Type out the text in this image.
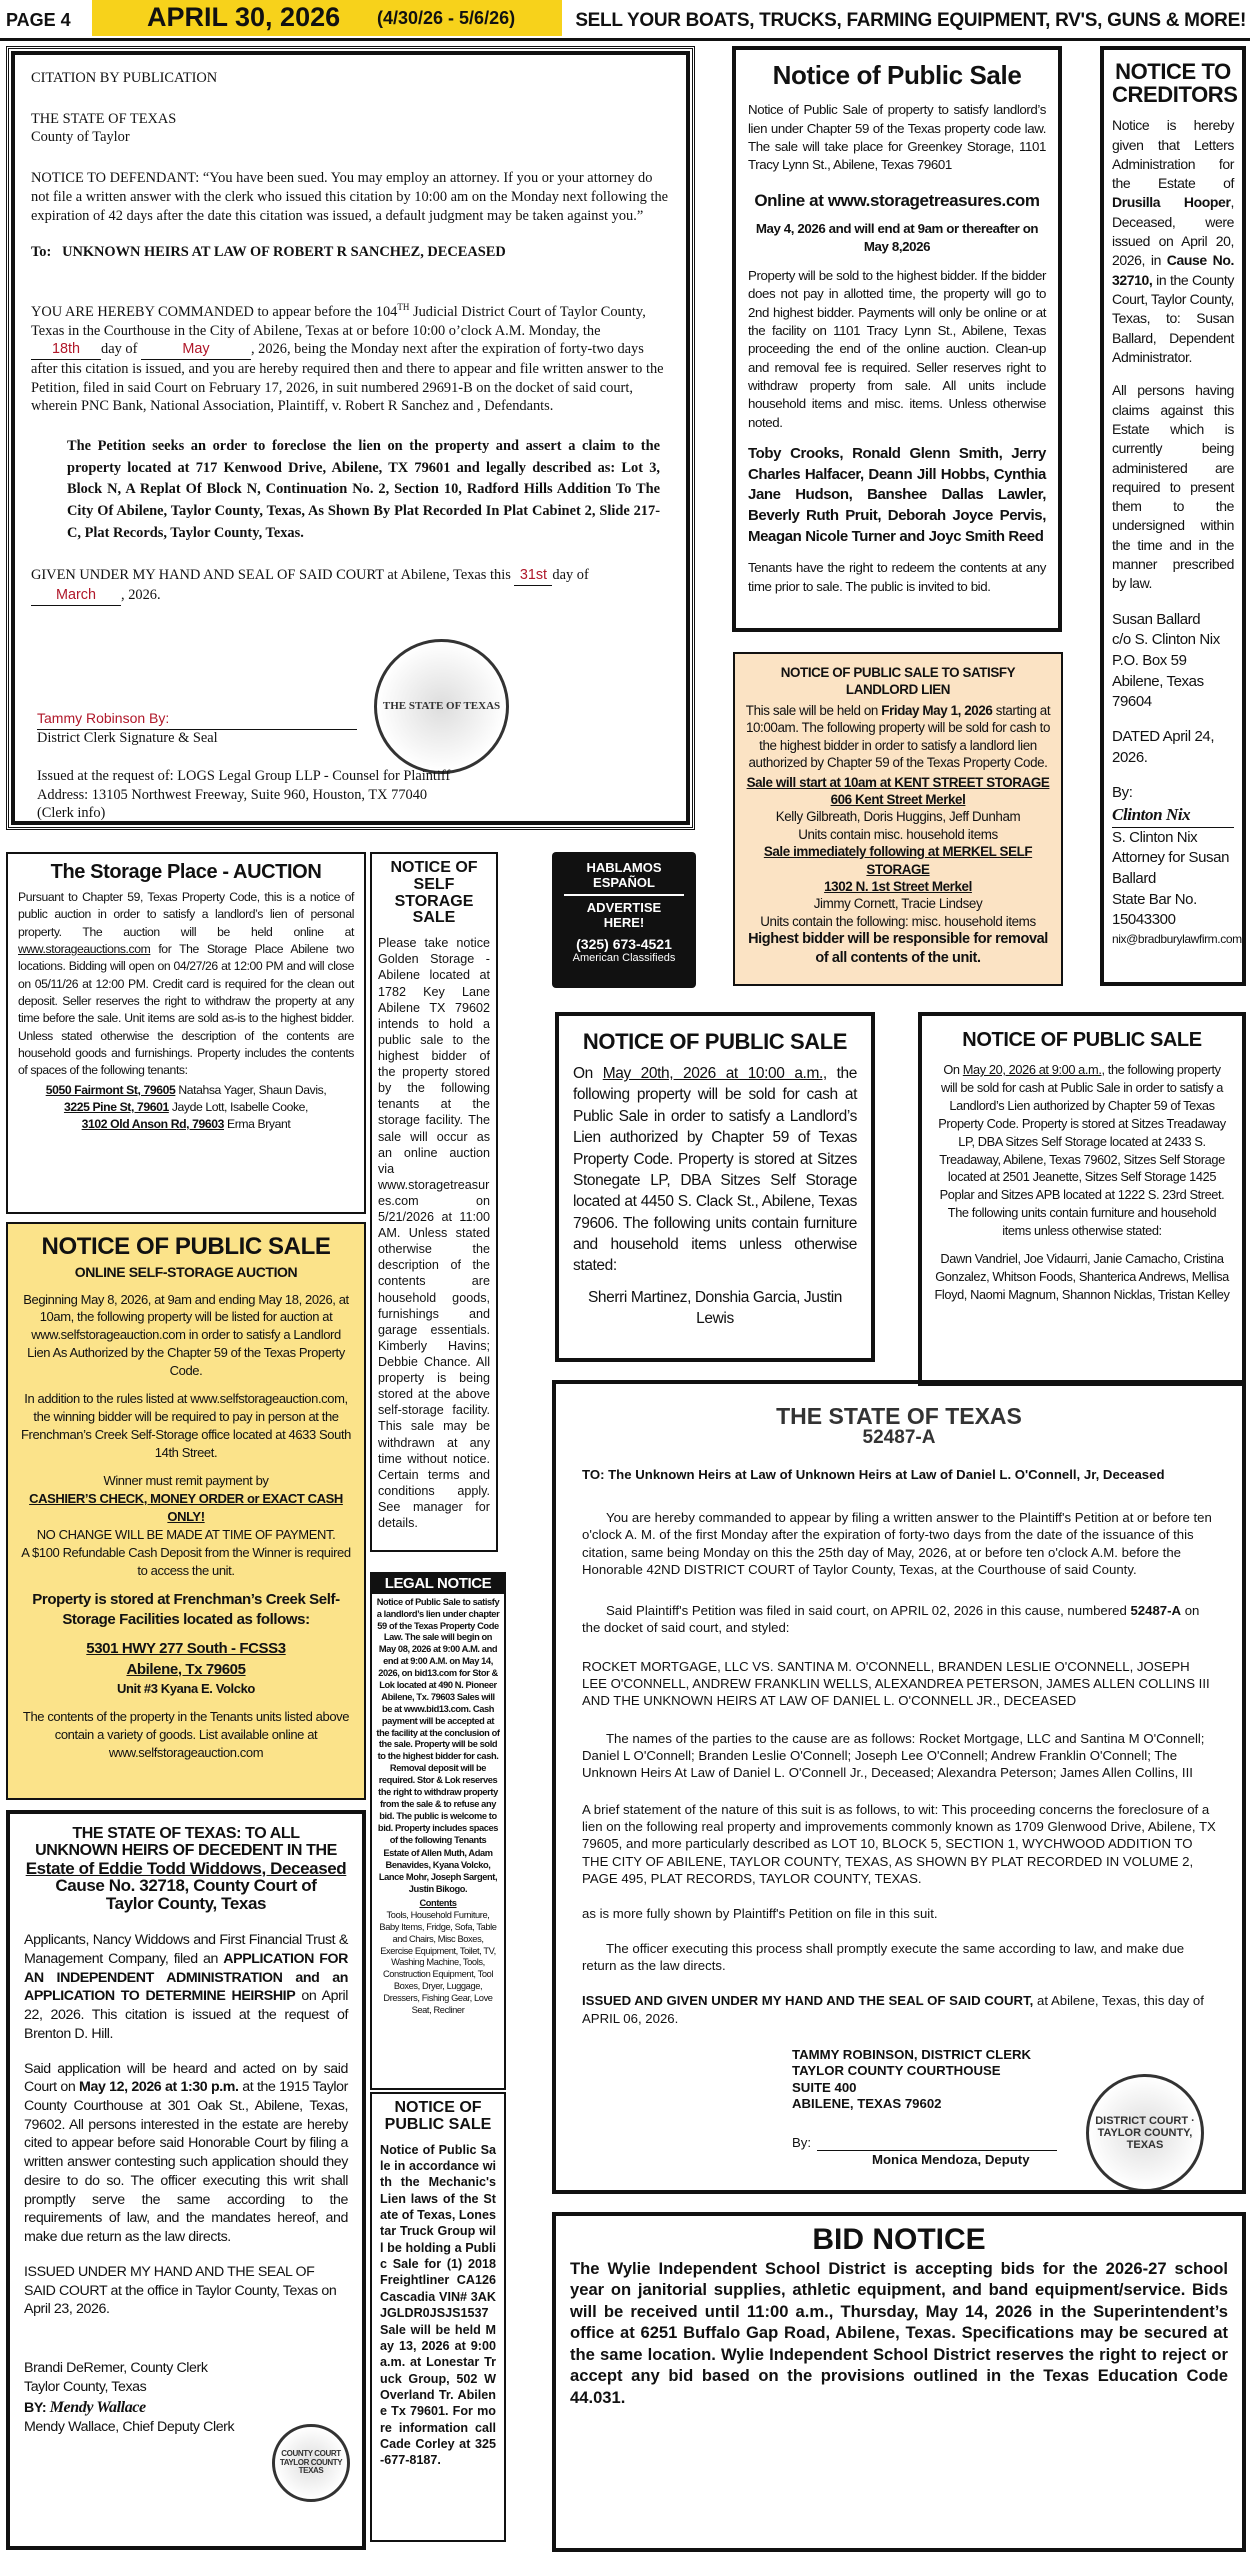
PAGE 4	APRIL 30, 2026 (4/30/26 - 5/6/26)	SELL YOUR BOATS, TRUCKS, FARMING EQUIPMENT, RV'S, GUNS & MORE!

CITATION BY PUBLICATION

THE STATE OF TEXAS

County of Taylor

NOTICE TO DEFENDANT: “You have been sued. You may employ an attorney. If you or your attorney do not file a written answer with the clerk who issued this citation by 10:00 am on the Monday next following the expiration of 42 days after the date this citation was issued, a default judgment may be taken against you.”

To: UNKNOWN HEIRS AT LAW OF ROBERT R SANCHEZ, DECEASED

YOU ARE HEREBY COMMANDED to appear before the 104TH Judicial District Court of Taylor County, Texas in the Courthouse in the City of Abilene, Texas at or before 10:00 o’clock A.M. Monday, the 18th day of	May	, 2026, being the Monday next after the expiration of forty-two days after this citation is issued, and you are hereby required then and there to appear and file written answer to the Petition, filed in said Court on February 17, 2026, in suit numbered 29691-B on the docket of said court, wherein PNC Bank, National Association, Plaintiff, v. Robert R Sanchez and , Defendants.

The Petition seeks an order to foreclose the lien on the property and assert a claim to the property located at 717 Kenwood Drive, Abilene, TX 79601 and legally described as: Lot 3, Block N, A Replat Of Block N, Continuation No. 2, Section 10, Radford Hills Addition To The City Of Abilene, Taylor County, Texas, As Shown By Plat Recorded In Plat Cabinet 2, Slide 217-C, Plat Records, Taylor County, Texas.

GIVEN UNDER MY HAND AND SEAL OF SAID COURT at Abilene, Texas this 31st day of
March , 2026.

THE STATE OF TEXAS
Tammy Robinson By:

District Clerk Signature & Seal

Issued at the request of: LOGS Legal Group LLP - Counsel for Plaintiff
Address: 13105 Northwest Freeway, Suite 960, Houston, TX 77040
(Clerk info)
Notice of Public Sale

Notice of Public Sale of property to satisfy landlord’s lien under Chapter 59 of the Texas property code law. The sale will take place for Greenkey Storage, 1101 Tracy Lynn St., Abilene, Texas 79601

Online at www.storagetreasures.com

May 4, 2026 and will end at 9am or thereafter on May 8,2026

Property will be sold to the highest bidder. If the bidder does not pay in allotted time, the property will go to 2nd highest bidder. Payments will only be online or at the facility on 1101 Tracy Lynn St., Abilene, Texas proceeding the end of the online auction. Clean-up and removal fee is required. Seller reserves right to withdraw property from sale. All units include household items and misc. items. Unless otherwise noted.

Toby Crooks, Ronald Glenn Smith, Jerry Charles Halfacer, Deann Jill Hobbs, Cynthia Jane Hudson, Banshee Dallas Lawler, Beverly Ruth Pruit, Deborah Joyce Pervis, Meagan Nicole Turner and Joyc Smith Reed

Tenants have the right to redeem the contents at any time prior to sale. The public is invited to bid.

NOTICE TO CREDITORS

Notice is hereby given that Letters Administration for the Estate of Drusilla Hooper, Deceased, were issued on April 20, 2026, in Cause No. 32710, in the County Court, Taylor County, Texas, to: Susan Ballard, Dependent Administrator.

All persons having claims against this Estate which is currently being administered are required to present them to the undersigned within the time and in the manner prescribed by law.

Susan Ballard
c/o S. Clinton Nix
P.O. Box 59
Abilene, Texas 79604
DATED April 24, 2026.
By:
Clinton Nix
S. Clinton Nix
Attorney for Susan Ballard
State Bar No. 15043300
nix@bradburylawfirm.com
NOTICE OF PUBLIC SALE TO SATISFY LANDLORD LIEN

This sale will be held on Friday May 1, 2026 starting at 10:00am. The following property will be sold for cash to the highest bidder in order to satisfy a landlord lien authorized by Chapter 59 of the Texas Property Code.

Sale will start at 10am at KENT STREET STORAGE
606 Kent Street Merkel
Kelly Gilbreath, Doris Huggins, Jeff Dunham
Units contain misc. household items
Sale immediately following at MERKEL SELF STORAGE
1302 N. 1st Street Merkel
Jimmy Cornett, Tracie Lindsey
Units contain the following: misc. household items
Highest bidder will be responsible for removal of all contents of the unit.
The Storage Place - AUCTION

Pursuant to Chapter 59, Texas Property Code, this is a notice of public auction in order to satisfy a landlord’s lien of personal property. The auction will be held online at www.storageauctions.com for The Storage Place Abilene two locations. Bidding will open on 04/27/26 at 12:00 PM and will close on 05/11/26 at 12:00 PM. Credit card is required for the clean out deposit. Seller reserves the right to withdraw the property at any time before the sale. Unit items are sold as-is to the highest bidder. Unless stated otherwise the description of the contents are household goods and furnishings. Property includes the contents of spaces of the following tenants:

5050 Fairmont St, 79605 Natahsa Yager, Shaun Davis,
3225 Pine St, 79601 Jayde Lott, Isabelle Cooke,
3102 Old Anson Rd, 79603 Erma Bryant
NOTICE OF SELF STORAGE SALE

Please take notice Golden Storage - Abilene located at 1782 Key Lane Abilene TX 79602 intends to hold a public sale to the highest bidder of the property stored by the following tenants at the storage facility. The sale will occur as an online auction via www.storagetreasures.com on 5/21/2026 at 11:00 AM. Unless stated otherwise the description of the contents are household goods, furnishings and garage essentials. Kimberly Havins; Debbie Chance. All property is being stored at the above self-storage facility. This sale may be withdrawn at any time without notice. Certain terms and conditions apply. See manager for details.

HABLAMOS
ESPAÑOL
ADVERTISE
HERE!
(325) 673-4521
American Classifieds
NOTICE OF PUBLIC SALE

On May 20th, 2026 at 10:00 a.m., the following property will be sold for cash at Public Sale in order to satisfy a Landlord’s Lien authorized by Chapter 59 of Texas Property Code. Property is stored at Sitzes Stonegate LP, DBA Sitzes Self Storage located at 4450 S. Clack St., Abilene, Texas 79606. The following units contain furniture and household items unless otherwise stated:

Sherri Martinez, Donshia Garcia, Justin Lewis

NOTICE OF PUBLIC SALE

On May 20, 2026 at 9:00 a.m., the following property will be sold for cash at Public Sale in order to satisfy a Landlord’s Lien authorized by Chapter 59 of Texas Property Code. Property is stored at Sitzes Treadaway LP, DBA Sitzes Self Storage located at 2433 S. Treadaway, Abilene, Texas 79602, Sitzes Self Storage located at 2501 Jeanette, Sitzes Self Storage 1425 Poplar and Sitzes APB located at 1222 S. 23rd Street. The following units contain furniture and household items unless otherwise stated:

Dawn Vandriel, Joe Vidaurri, Janie Camacho, Cristina Gonzalez, Whitson Foods, Shanterica Andrews, Mellisa Floyd, Naomi Magnum, Shannon Nicklas, Tristan Kelley

NOTICE OF PUBLIC SALE
ONLINE SELF-STORAGE AUCTION

Beginning May 8, 2026, at 9am and ending May 18, 2026, at 10am, the following property will be listed for auction at www.selfstorageauction.com in order to satisfy a Landlord Lien As Authorized by the Chapter 59 of the Texas Property Code.

In addition to the rules listed at www.selfstorageauction.com, the winning bidder will be required to pay in person at the Frenchman’s Creek Self-Storage office located at 4633 South 14th Street.

Winner must remit payment by
CASHIER’S CHECK, MONEY ORDER or EXACT CASH ONLY!
NO CHANGE WILL BE MADE AT TIME OF PAYMENT.
A $100 Refundable Cash Deposit from the Winner is required to access the unit.

Property is stored at Frenchman’s Creek Self-Storage Facilities located as follows:

5301 HWY 277 South - FCSS3
Abilene, Tx 79605
Unit #3 Kyana E. Volcko

The contents of the property in the Tenants units listed above contain a variety of goods. List available online at www.selfstorageauction.com

LEGAL NOTICE

Notice of Public Sale to satisfy a landlord’s lien under chapter 59 of the Texas Property Code Law. The sale will begin on May 08, 2026 at 9:00 A.M. and end at 9:00 A.M. on May 14, 2026, on bid13.com for Stor & Lok located at 490 N. Pioneer Abilene, Tx. 79603 Sales will be at www.bid13.com. Cash payment will be accepted at the facility at the conclusion of the sale. Property will be sold to the highest bidder for cash. Removal deposit will be required. Stor & Lok reserves the right to withdraw property from the sale & to refuse any bid. The public is welcome to bid. Property includes spaces of the following Tenants

Estate of Allen Muth, Adam Benavides, Kyana Volcko, Lance Mohr, Joseph Sargent, Justin Bikogo.

Contents

Tools, Household Furniture, Baby Items, Fridge, Sofa, Table and Chairs, Misc Boxes, Exercise Equipment, Toilet, TV, Washing Machine, Tools, Construction Equipment, Tool Boxes, Dryer, Luggage, Dressers, Fishing Gear, Love Seat, Recliner

THE STATE OF TEXAS
52487-A

TO: The Unknown Heirs at Law of Unknown Heirs at Law of Daniel L. O'Connell, Jr, Deceased

You are hereby commanded to appear by filing a written answer to the Plaintiff's Petition at or before ten o'clock A. M. of the first Monday after the expiration of forty-two days from the date of the issuance of this citation, same being Monday on this the 25th day of May, 2026, at or before ten o'clock A.M. before the Honorable 42ND DISTRICT COURT of Taylor County, Texas, at the Courthouse of said County.

Said Plaintiff's Petition was filed in said court, on APRIL 02, 2026 in this cause, numbered 52487-A on the docket of said court, and styled:

ROCKET MORTGAGE, LLC VS. SANTINA M. O'CONNELL, BRANDEN LESLIE O'CONNELL, JOSEPH LEE O'CONNELL, ANDREW FRANKLIN WELLS, ALEXANDREA PETERSON, JAMES ALLEN COLLINS III AND THE UNKNOWN HEIRS AT LAW OF DANIEL L. O'CONNELL JR., DECEASED

The names of the parties to the cause are as follows: Rocket Mortgage, LLC and Santina M O'Connell; Daniel L O'Connell; Branden Leslie O'Connell; Joseph Lee O'Connell; Andrew Franklin O'Connell; The Unknown Heirs At Law of Daniel L. O'Connell Jr., Deceased; Alexandra Peterson; James Allen Collins, III

A brief statement of the nature of this suit is as follows, to wit: This proceeding concerns the foreclosure of a lien on the following real property and improvements commonly known as 1709 Glenwood Drive, Abilene, TX 79605, and more particularly described as LOT 10, BLOCK 5, SECTION 1, WYCHWOOD ADDITION TO THE CITY OF ABILENE, TAYLOR COUNTY, TEXAS, AS SHOWN BY PLAT RECORDED IN VOLUME 2, PAGE 495, PLAT RECORDS, TAYLOR COUNTY, TEXAS.

as is more fully shown by Plaintiff's Petition on file in this suit.

The officer executing this process shall promptly execute the same according to law, and make due return as the law directs.

ISSUED AND GIVEN UNDER MY HAND AND THE SEAL OF SAID COURT, at Abilene, Texas, this day of APRIL 06, 2026.

TAMMY ROBINSON, DISTRICT CLERK
TAYLOR COUNTY COURTHOUSE
SUITE 400
ABILENE, TEXAS 79602
By:
Monica Mendoza, Deputy
DISTRICT COURT · TAYLOR COUNTY, TEXAS
THE STATE OF TEXAS: TO ALL
UNKNOWN HEIRS OF DECEDENT IN THE
Estate of Eddie Todd Widdows, Deceased
Cause No. 32718, County Court of
Taylor County, Texas

Applicants, Nancy Widdows and First Financial Trust & Management Company, filed an APPLICATION FOR AN INDEPENDENT ADMINISTRATION and an APPLICATION TO DETERMINE HEIRSHIP on April 22, 2026. This citation is issued at the request of Brenton D. Hill.

Said application will be heard and acted on by said Court on May 12, 2026 at 1:30 p.m. at the 1915 Taylor County Courthouse at 301 Oak St., Abilene, Texas, 79602. All persons interested in the estate are hereby cited to appear before said Honorable Court by filing a written answer contesting such application should they desire to do so. The officer executing this writ shall promptly serve the same according to the requirements of law, and the mandates hereof, and make due return as the law directs.

ISSUED UNDER MY HAND AND THE SEAL OF SAID COURT at the office in Taylor County, Texas on April 23, 2026.

Brandi DeRemer, County Clerk
Taylor County, Texas
BY: Mendy Wallace
Mendy Wallace, Chief Deputy Clerk
COUNTY COURT TAYLOR COUNTY TEXAS
NOTICE OF PUBLIC SALE

Notice of Public Sale in accordance with the Mechanic's Lien laws of the State of Texas, Lonestar Truck Group will be holding a Public Sale for (1) 2018 Freightliner CA126 Cascadia VIN# 3AKJGLDR0JSJS1537 Sale will be held May 13, 2026 at 9:00 a.m. at Lonestar Truck Group, 502 W Overland Tr. Abilene Tx 79601. For more information call Cade Corley at 325-677-8187.

BID NOTICE

The Wylie Independent School District is accepting bids for the 2026-27 school year on janitorial supplies, athletic equipment, and band equipment/service. Bids will be received until 11:00 a.m., Thursday, May 14, 2026 in the Superintendent’s office at 6251 Buffalo Gap Road, Abilene, Texas. Specifications may be secured at the same location. Wylie Independent School District reserves the right to reject or accept any bid based on the provisions outlined in the Texas Education Code 44.031.
